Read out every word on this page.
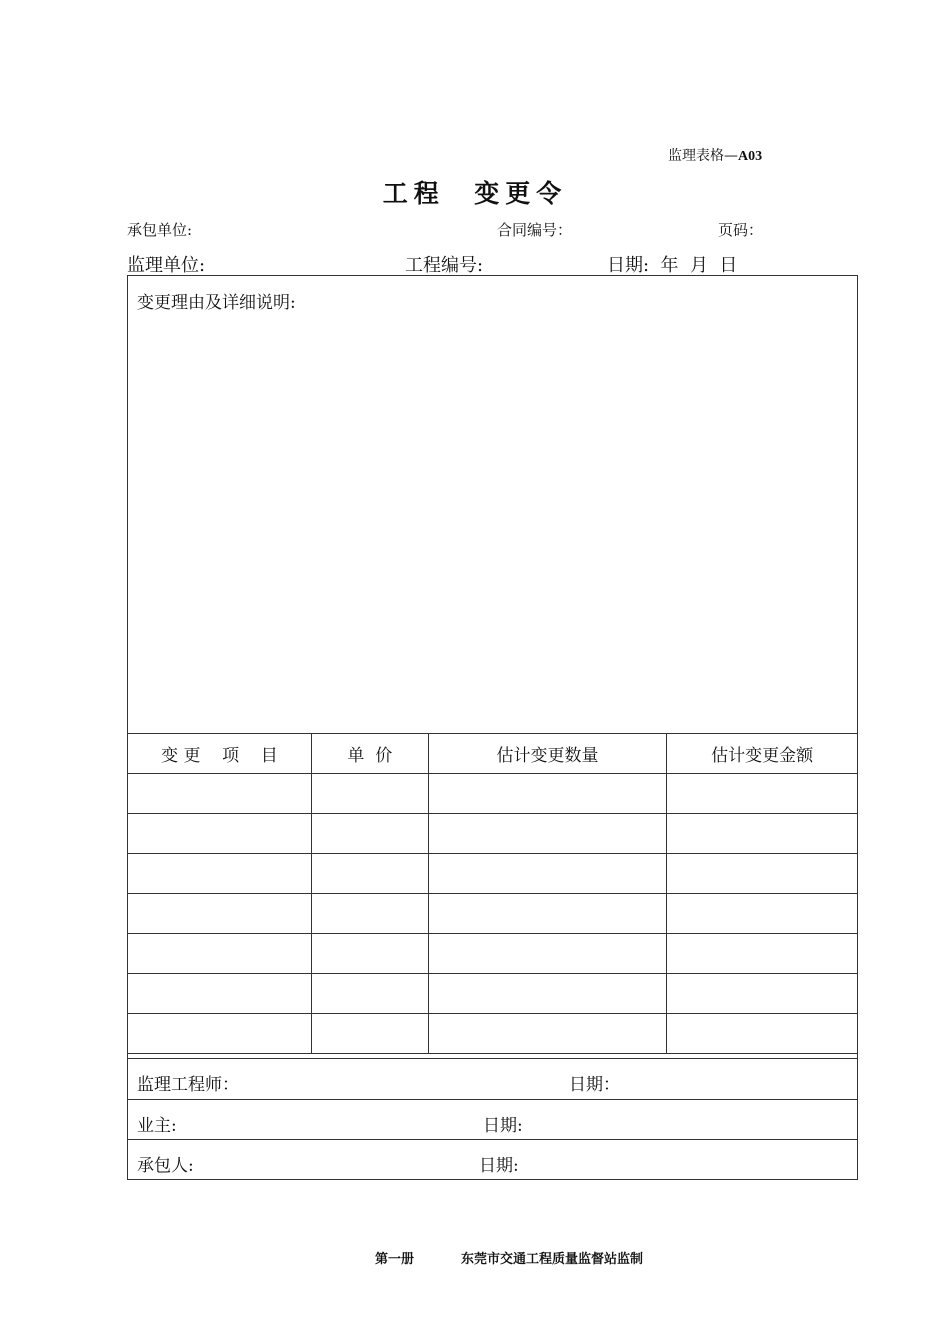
监理表格—A03
工程  变更令
承包单位:	合同编号：	页码：
监理单位:	工程编号:	日期:  年  月  日
变更理由及详细说明:
变 更    项    目	单  价	估计变更数量	估计变更金额

监理工程师：	日期：
业主:	日期:
承包人:	日期:
第一册	东莞市交通工程质量监督站监制
